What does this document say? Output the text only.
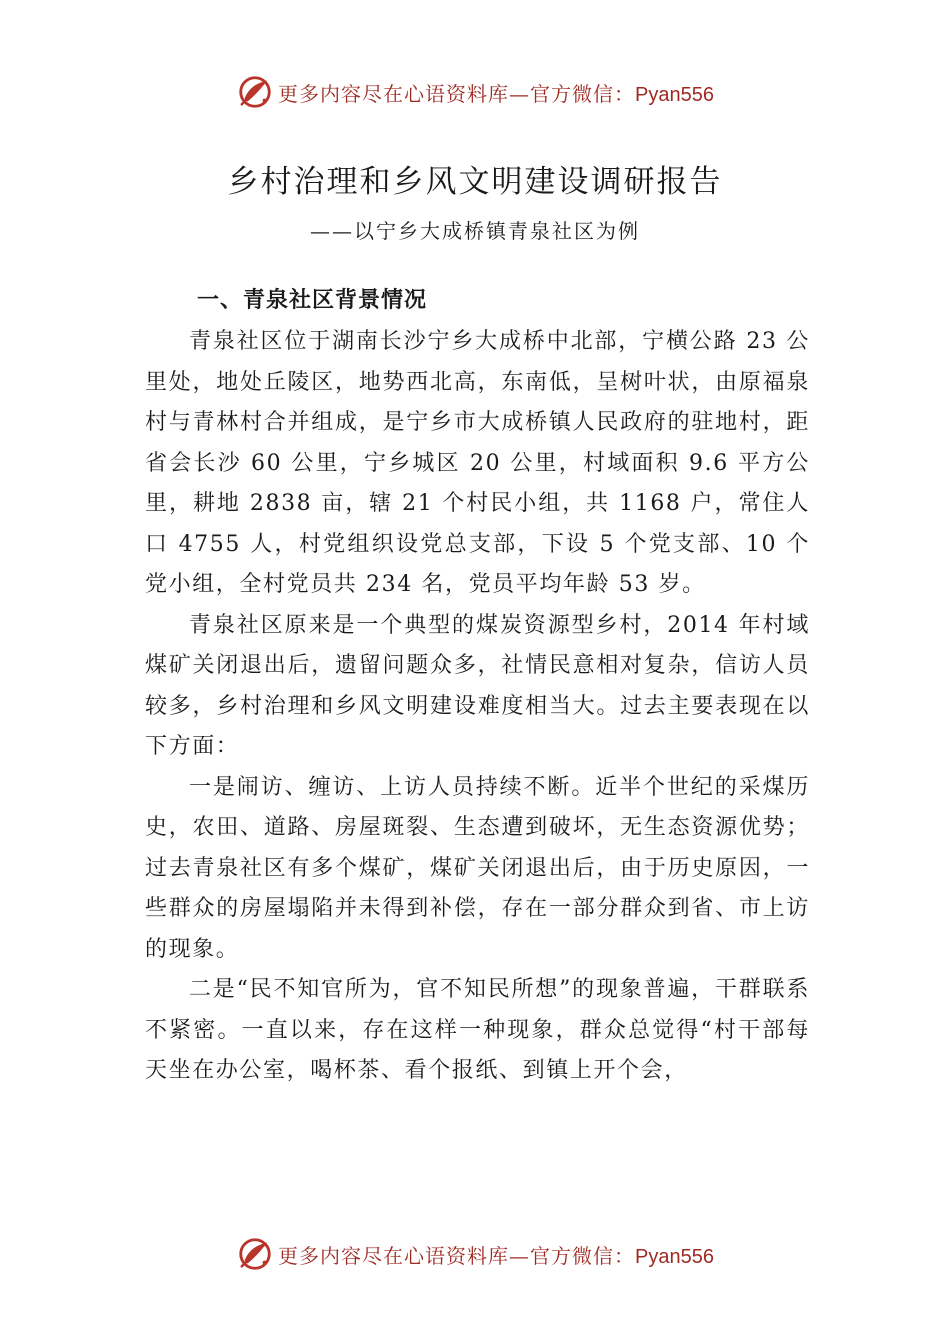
更多内容尽在心语资料库—官方微信：Pyan556
乡村治理和乡风文明建设调研报告
——以宁乡大成桥镇青泉社区为例
一、青泉社区背景情况

青泉社区位于湖南长沙宁乡大成桥中北部，宁横公路 23 公里处，地处丘陵区，地势西北高，东南低，呈树叶状，由原福泉村与青林村合并组成，是宁乡市大成桥镇人民政府的驻地村，距省会长沙 60 公里，宁乡城区 20 公里，村域面积 9.6 平方公里，耕地 2838 亩，辖 21 个村民小组，共 1168 户，常住人口 4755 人，村党组织设党总支部，下设 5 个党支部、10 个党小组，全村党员共 234 名，党员平均年龄 53 岁。

青泉社区原来是一个典型的煤炭资源型乡村，2014 年村域煤矿关闭退出后，遗留问题众多，社情民意相对复杂，信访人员较多，乡村治理和乡风文明建设难度相当大。过去主要表现在以下方面：

一是闹访、缠访、上访人员持续不断。近半个世纪的采煤历史，农田、道路、房屋斑裂、生态遭到破坏，无生态资源优势；过去青泉社区有多个煤矿，煤矿关闭退出后，由于历史原因，一些群众的房屋塌陷并未得到补偿，存在一部分群众到省、市上访的现象。

二是“民不知官所为，官不知民所想”的现象普遍，干群联系不紧密。一直以来，存在这样一种现象，群众总觉得“村干部每天坐在办公室，喝杯茶、看个报纸、到镇上开个会，

更多内容尽在心语资料库—官方微信：Pyan556
